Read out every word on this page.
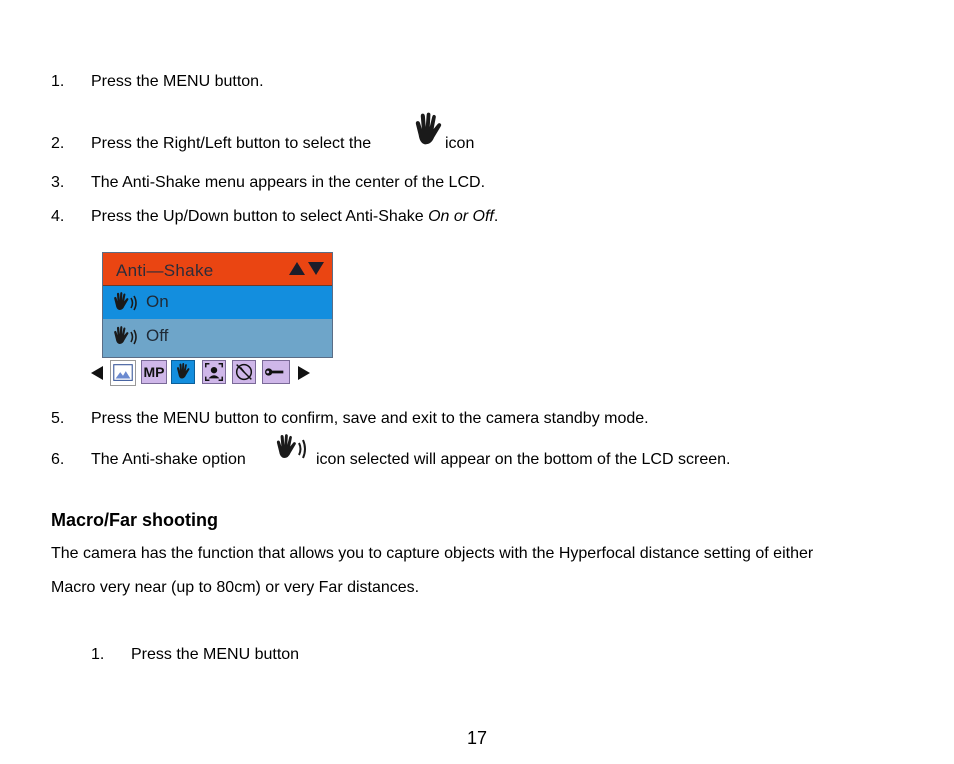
1. Press the MENU button.
2. Press the Right/Left button to select the	icon
3. The Anti-Shake menu appears in the center of the LCD.
4. Press the Up/Down button to select Anti-Shake On or Off.
Anti—Shake
On
Off
MP
5. Press the MENU button to confirm, save and exit to the camera standby mode.
6. The Anti-shake option	icon selected will appear on the bottom of the LCD screen.
Macro/Far shooting
The camera has the function that allows you to capture objects with the Hyperfocal distance setting of either
Macro very near (up to 80cm) or very Far distances.
1. Press the MENU button
17
